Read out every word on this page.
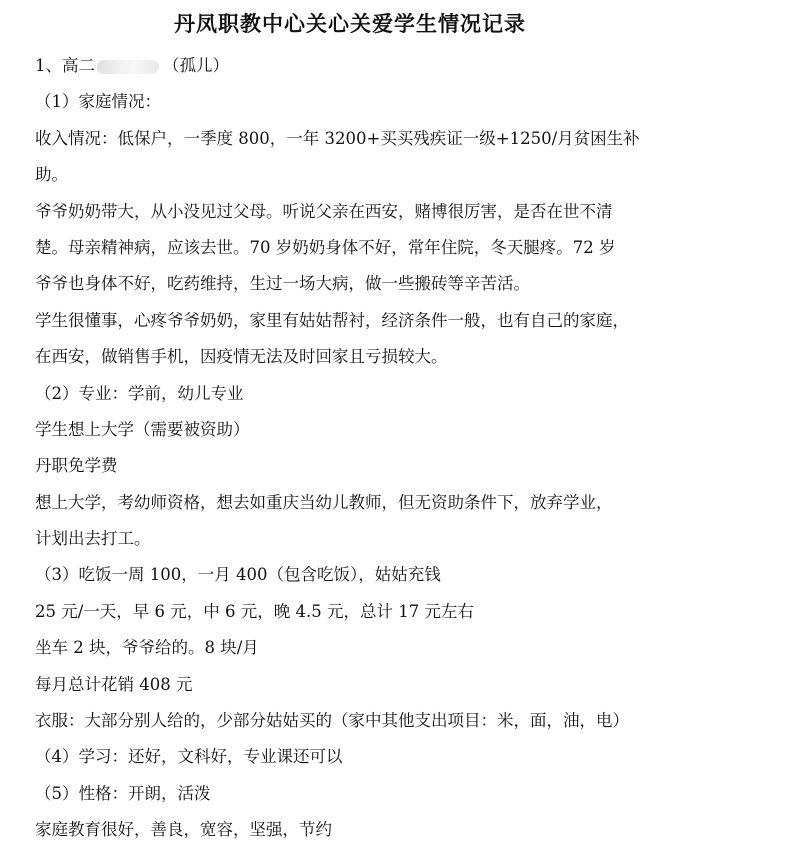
丹凤职教中心关心关爱学生情况记录
1、高二	（孤儿）
（1）家庭情况：
收入情况：低保户，一季度 800，一年 3200+买买残疾证一级+1250/月贫困生补
助。
爷爷奶奶带大，从小没见过父母。听说父亲在西安，赌博很厉害，是否在世不清
楚。母亲精神病，应该去世。70 岁奶奶身体不好，常年住院，冬天腿疼。72 岁
爷爷也身体不好，吃药维持，生过一场大病，做一些搬砖等辛苦活。
学生很懂事，心疼爷爷奶奶，家里有姑姑帮衬，经济条件一般，也有自己的家庭，
在西安，做销售手机，因疫情无法及时回家且亏损较大。
（2）专业：学前，幼儿专业
学生想上大学（需要被资助）
丹职免学费
想上大学，考幼师资格，想去如重庆当幼儿教师，但无资助条件下，放弃学业，
计划出去打工。
（3）吃饭一周 100，一月 400（包含吃饭），姑姑充钱
25 元/一天，早 6 元，中 6 元，晚 4.5 元，总计 17 元左右
坐车 2 块，爷爷给的。8 块/月
每月总计花销 408 元
衣服：大部分别人给的，少部分姑姑买的（家中其他支出项目：米，面，油，电）
（4）学习：还好，文科好，专业课还可以
（5）性格：开朗，活泼
家庭教育很好，善良，宽容，坚强，节约
